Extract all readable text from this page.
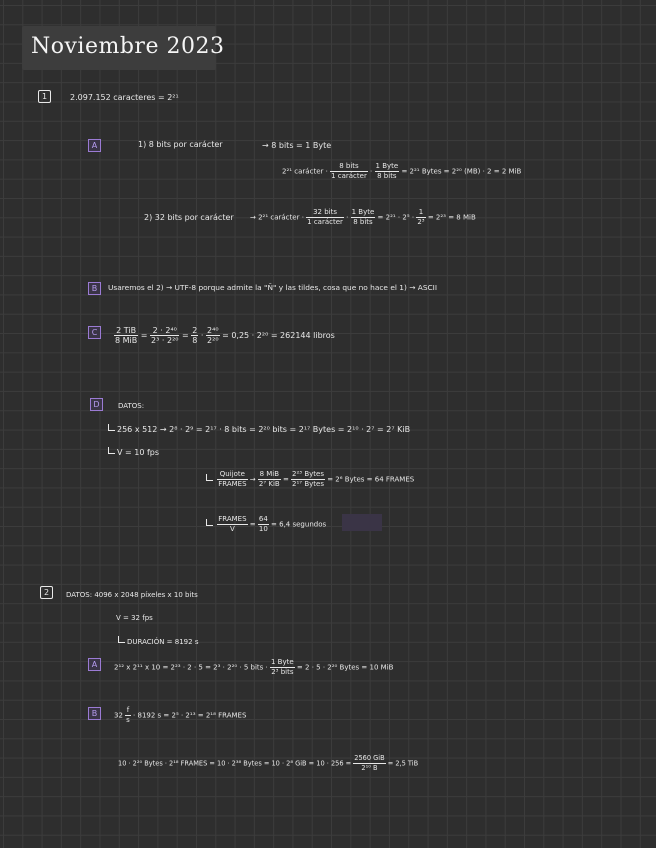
Noviembre 2023
1	2.097.152 caracteres = 2²¹
A	1) 8 bits por carácter	→ 8 bits = 1 Byte
2²¹ carácter · $\frac{\text{8 bits}}{\text{1 carácter}} \cdot \frac{\text{1 Byte}}{\text{8 bits}} = 2^{21}$ Bytes = 2²⁰ (MB) · 2 = 2 MiB
2) 32 bits por carácter → 2²¹ carácter · $\frac{\text{32 bits}}{\text{1 carácter}} \cdot \frac{\text{1 Byte}}{\text{8 bits}} = 2^{21} \cdot 2^5 \cdot \frac{1}{\text{2³}} = 2^{23} = 8$ MiB
B	Usaremos el 2) → UTF-8 porque admite la "Ñ" y las tildes, cosa que no hace el 1) → ASCII
C	$\frac{\text{2 TiB}}{\text{8 MiB}} = \frac{\text{2 · 2⁴⁰}}{\text{2³ · 2²⁰}} = \frac{2}{8} \cdot \frac{\text{2⁴⁰}}{\text{2²⁰}} = 0,25 \cdot 2^{20} = 262144$ libros
D	DATOS:
256 x 512 → 2⁸ · 2⁹ = 2¹⁷ · 8 bits = 2²⁰ bits = 2¹⁷ Bytes = 2¹⁰ · 2⁷ = 2⁷ KiB
V = 10 fps

$\frac{\text{Quijote}}{\text{FRAMES}} \to \frac{\text{8 MiB}}{\text{2⁷ KiB}} = \frac{\text{2²³ Bytes}}{\text{2¹⁷ Bytes}} = 2^6$ Bytes = 64 FRAMES

$\frac{\text{FRAMES}}{V} = \frac{64}{10} = 6,4$ segundos
2	DATOS: 4096 x 2048 píxeles x 10 bits
V = 32 fps
DURACIÓN = 8192 s
A	2¹² x 2¹¹ x 10 = 2²³ · 2 · 5 = 2³ · 2²⁰ · 5 bits · $\frac{\text{1 Byte}}{\text{2³ bits}} = 2 \cdot 5 \cdot 2^{20}$ Bytes = 10 MiB
B	$32 \frac{f}{s} \cdot 8192$ s = 2⁵ · 2¹³ = 2¹⁸ FRAMES
10 · 2²⁰ Bytes · 2¹⁸ FRAMES = 10 · 2³⁸ Bytes = 10 · 2⁸ GiB = $10 \cdot 256 = \frac{\text{2560 GiB}}{\text{2¹⁰ B}} = 2,5$ TiB
